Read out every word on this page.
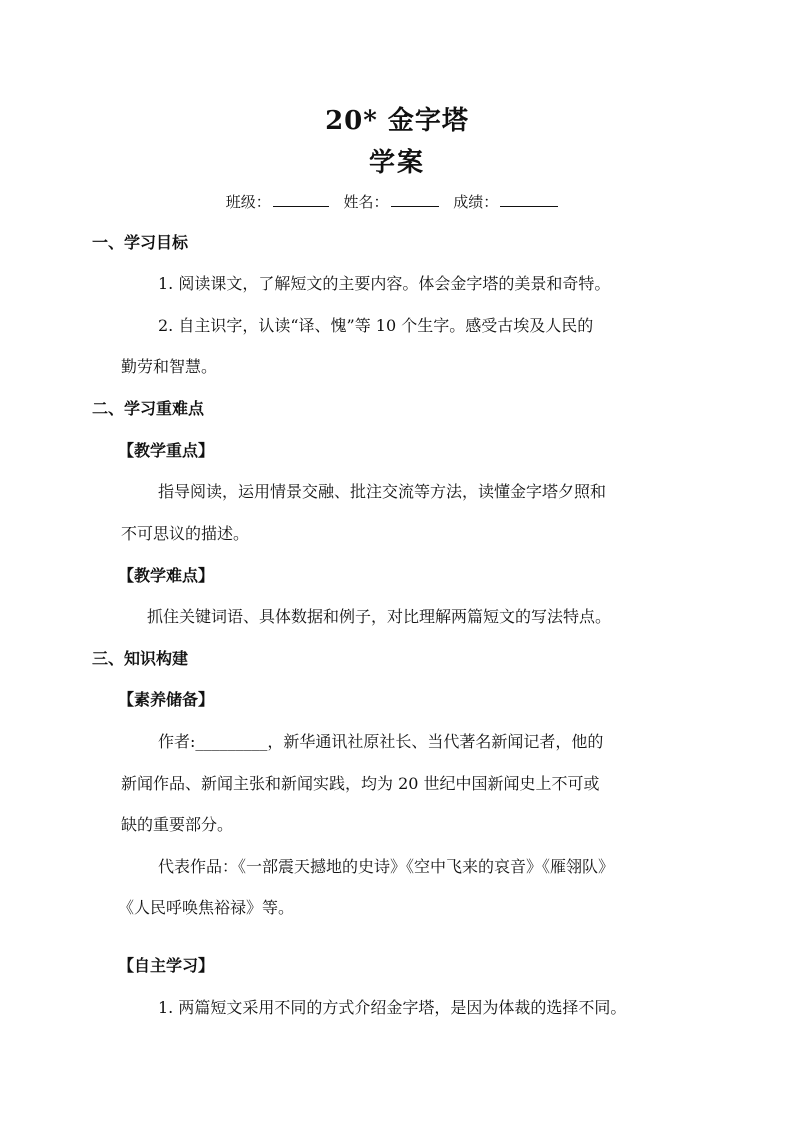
20* 金字塔
学案
班级：	姓名：	成绩：
一、学习目标
1. 阅读课文，了解短文的主要内容。体会金字塔的美景和奇特。
2. 自主识字，认读“译、愧”等 10 个生字。感受古埃及人民的
勤劳和智慧。
二、学习重难点
【教学重点】
指导阅读，运用情景交融、批注交流等方法，读懂金字塔夕照和
不可思议的描述。
【教学难点】
抓住关键词语、具体数据和例子，对比理解两篇短文的写法特点。
三、知识构建
【素养储备】
作者:_________，新华通讯社原社长、当代著名新闻记者，他的
新闻作品、新闻主张和新闻实践，均为 20 世纪中国新闻史上不可或
缺的重要部分。
代表作品：《一部震天撼地的史诗》《空中飞来的哀音》《雁翎队》
《人民呼唤焦裕禄》等。
【自主学习】
1. 两篇短文采用不同的方式介绍金字塔，是因为体裁的选择不同。
